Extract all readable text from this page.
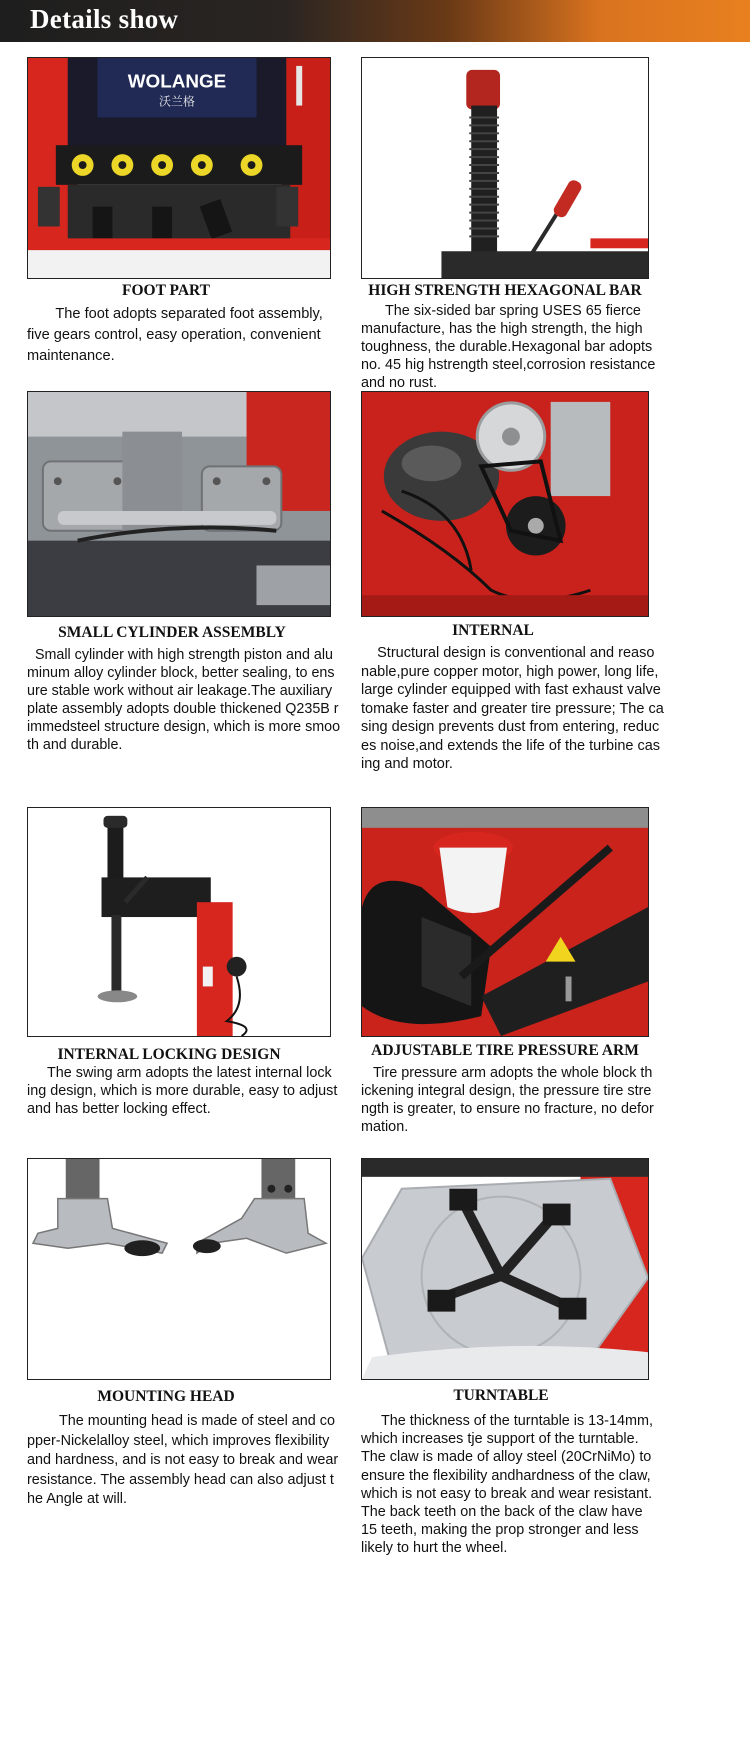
Details show
WOLANGE
沃兰格
FOOT PART
The foot adopts separated foot assembly,
five gears control, easy operation, convenient
maintenance.
HIGH STRENGTH HEXAGONAL BAR
The six-sided bar spring USES 65 fierce
manufacture, has the high strength, the high
toughness, the durable.Hexagonal bar adopts
no. 45 hig hstrength steel,corrosion resistance
and no rust.
SMALL CYLINDER ASSEMBLY
Small cylinder with high strength piston and alu
minum alloy cylinder block, better sealing, to ens
ure stable work without air leakage.The auxiliary
plate assembly adopts double thickened Q235B r
immedsteel structure design, which is more smoo
th and durable.
INTERNAL
Structural design is conventional and reaso
nable,pure copper motor, high power, long life,
large cylinder equipped with fast exhaust valve
tomake faster and greater tire pressure; The ca
sing design prevents dust from entering, reduc
es noise,and extends the life of the turbine cas
ing and motor.
INTERNAL LOCKING DESIGN
The swing arm adopts the latest internal lock
ing design, which is more durable, easy to adjust
and has better locking effect.
ADJUSTABLE TIRE PRESSURE ARM
Tire pressure arm adopts the whole block th
ickening integral design, the pressure tire stre
ngth is greater, to ensure no fracture, no defor
mation.
MOUNTING HEAD
The mounting head is made of steel and co
pper-Nickelalloy steel, which improves flexibility
and hardness, and is not easy to break and wear
resistance. The assembly head can also adjust t
he Angle at will.
TURNTABLE
The thickness of the turntable is 13-14mm,
which increases tje support of the turntable.
The claw is made of alloy steel (20CrNiMo) to
ensure the flexibility andhardness of the claw,
which is not easy to break and wear resistant.
The back teeth on the back of the claw have
15 teeth, making the prop stronger and less
likely to hurt the wheel.
